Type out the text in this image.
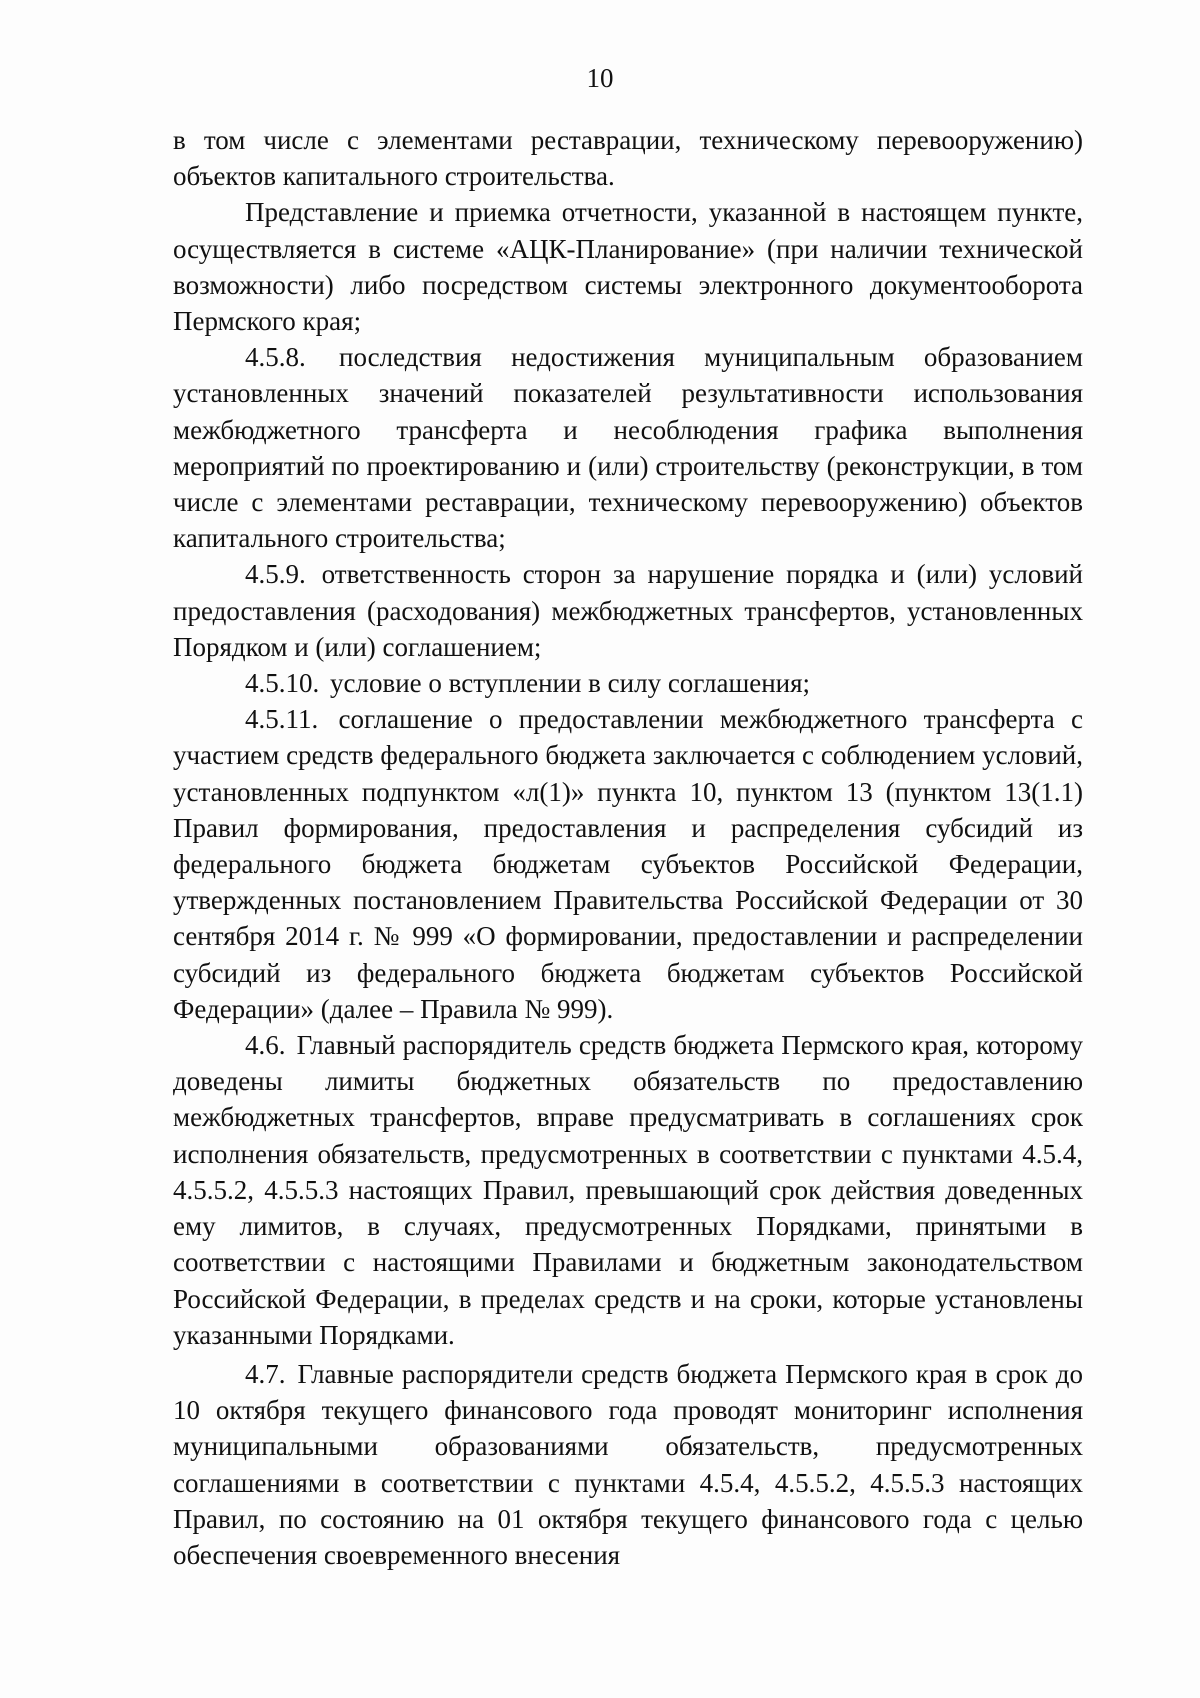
10

в том числе с элементами реставрации, техническому перевооружению) объектов капитального строительства.

Представление и приемка отчетности, указанной в настоящем пункте, осуществляется в системе «АЦК-Планирование» (при наличии технической возможности) либо посредством системы электронного документооборота Пермского края;

4.5.8. последствия недостижения муниципальным образованием установленных значений показателей результативности использования межбюджетного трансферта и несоблюдения графика выполнения мероприятий по проектированию и (или) строительству (реконструкции, в том числе с элементами реставрации, техническому перевооружению) объектов капитального строительства;

4.5.9. ответственность сторон за нарушение порядка и (или) условий предоставления (расходования) межбюджетных трансфертов, установленных Порядком и (или) соглашением;

4.5.10. условие о вступлении в силу соглашения;

4.5.11. соглашение о предоставлении межбюджетного трансферта с участием средств федерального бюджета заключается с соблюдением условий, установленных подпунктом «л(1)» пункта 10, пунктом 13 (пунктом 13(1.1) Правил формирования, предоставления и распределения субсидий из федерального бюджета бюджетам субъектов Российской Федерации, утвержденных постановлением Правительства Российской Федерации от 30 сентября 2014 г. № 999 «О формировании, предоставлении и распределении субсидий из федерального бюджета бюджетам субъектов Российской Федерации» (далее – Правила № 999).

4.6. Главный распорядитель средств бюджета Пермского края, которому доведены лимиты бюджетных обязательств по предоставлению межбюджетных трансфертов, вправе предусматривать в соглашениях срок исполнения обязательств, предусмотренных в соответствии с пунктами 4.5.4, 4.5.5.2, 4.5.5.3 настоящих Правил, превышающий срок действия доведенных ему лимитов, в случаях, предусмотренных Порядками, принятыми в соответствии с настоящими Правилами и бюджетным законодательством Российской Федерации, в пределах средств и на сроки, которые установлены указанными Порядками.

4.7. Главные распорядители средств бюджета Пермского края в срок до 10 октября текущего финансового года проводят мониторинг исполнения муниципальными образованиями обязательств, предусмотренных соглашениями в соответствии с пунктами 4.5.4, 4.5.5.2, 4.5.5.3 настоящих Правил, по состоянию на 01 октября текущего финансового года с целью обеспечения своевременного внесения
